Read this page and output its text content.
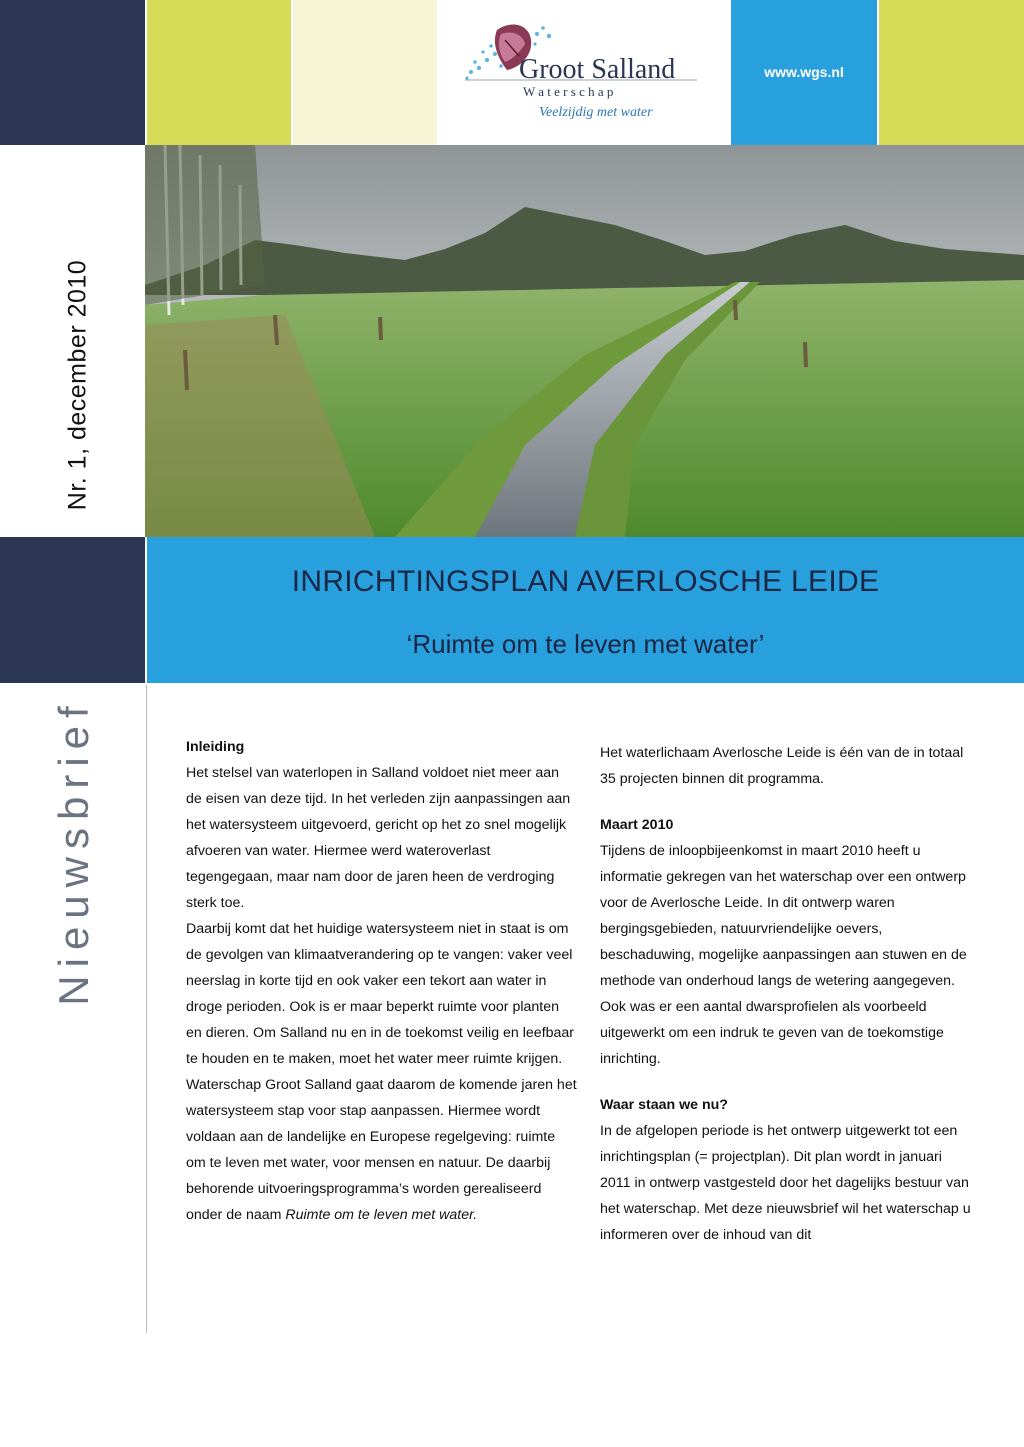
Groot Salland
W a t e r s c h a p
Veelzijdig met water
www.wgs.nl
Nr. 1, december 2010
INRICHTINGSPLAN AVERLOSCHE LEIDE
‘Ruimte om te leven met water’
Nieuwsbrief	Inleiding

Het stelsel van waterlopen in Salland voldoet niet meer aan de eisen van deze tijd. In het verleden zijn aanpassingen aan het watersysteem uitgevoerd, gericht op het zo snel mogelijk afvoeren van water. Hiermee werd wateroverlast tegengegaan, maar nam door de jaren heen de verdroging sterk toe.

Daarbij komt dat het huidige watersysteem niet in staat is om de gevolgen van klimaatverandering op te vangen: vaker veel neerslag in korte tijd en ook vaker een tekort aan water in droge perioden. Ook is er maar beperkt ruimte voor planten en dieren. Om Salland nu en in de toekomst veilig en leefbaar te houden en te maken, moet het water meer ruimte krijgen.

Waterschap Groot Salland gaat daarom de komende jaren het watersysteem stap voor stap aanpassen. Hiermee wordt voldaan aan de landelijke en Europese regelgeving: ruimte om te leven met water, voor mensen en natuur. De daarbij behorende uitvoeringsprogramma’s worden gerealiseerd onder de naam Ruimte om te leven met water.

Het waterlichaam Averlosche Leide is één van de in totaal 35 projecten binnen dit programma.

Maart 2010

Tijdens de inloopbijeenkomst in maart 2010 heeft u informatie gekregen van het waterschap over een ontwerp voor de Averlosche Leide. In dit ontwerp waren bergingsgebieden, natuurvriendelijke oevers, beschaduwing, mogelijke aanpassingen aan stuwen en de methode van onderhoud langs de wetering aangegeven. Ook was er een aantal dwarsprofielen als voorbeeld uitgewerkt om een indruk te geven van de toekomstige inrichting.

Waar staan we nu?

In de afgelopen periode is het ontwerp uitgewerkt tot een inrichtingsplan (= projectplan). Dit plan wordt in januari 2011 in ontwerp vastgesteld door het dagelijks bestuur van het waterschap. Met deze nieuwsbrief wil het waterschap u informeren over de inhoud van dit
